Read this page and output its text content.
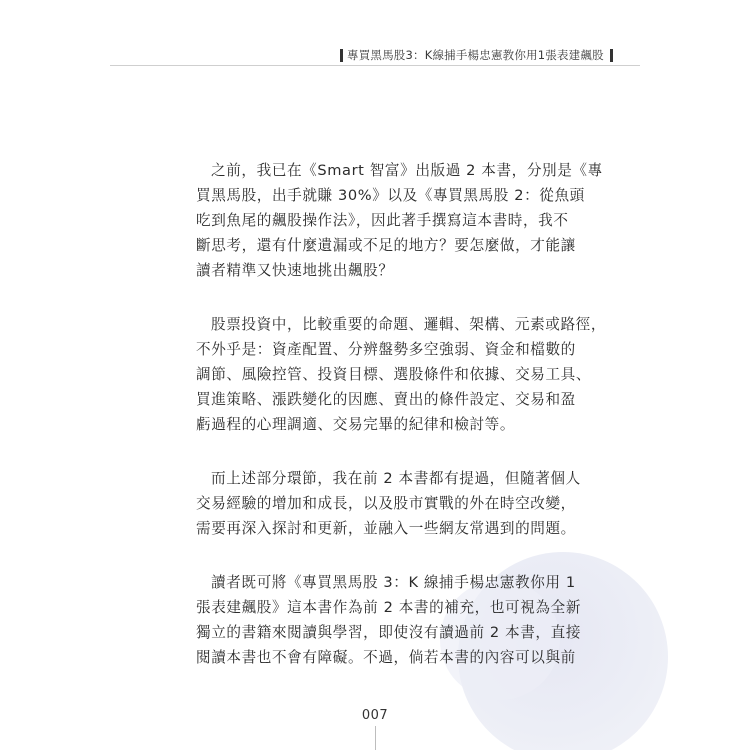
專買黑馬股3：K線捕手楊忠憲教你用1張表建飆股

之前，我已在《Smart 智富》出版過 2 本書，分別是《專
買黑馬股，出手就賺 30%》以及《專買黑馬股 2：從魚頭
吃到魚尾的飆股操作法》，因此著手撰寫這本書時，我不
斷思考，還有什麼遺漏或不足的地方？要怎麼做，才能讓
讀者精準又快速地挑出飆股？

股票投資中，比較重要的命題、邏輯、架構、元素或路徑，
不外乎是：資產配置、分辨盤勢多空強弱、資金和檔數的
調節、風險控管、投資目標、選股條件和依據、交易工具、
買進策略、漲跌變化的因應、賣出的條件設定、交易和盈
虧過程的心理調適、交易完畢的紀律和檢討等。

而上述部分環節，我在前 2 本書都有提過，但隨著個人
交易經驗的增加和成長，以及股市實戰的外在時空改變，
需要再深入探討和更新，並融入一些網友常遇到的問題。

讀者既可將《專買黑馬股 3：K 線捕手楊忠憲教你用 1
張表建飆股》這本書作為前 2 本書的補充，也可視為全新
獨立的書籍來閱讀與學習，即使沒有讀過前 2 本書，直接
閱讀本書也不會有障礙。不過，倘若本書的內容可以與前

007
